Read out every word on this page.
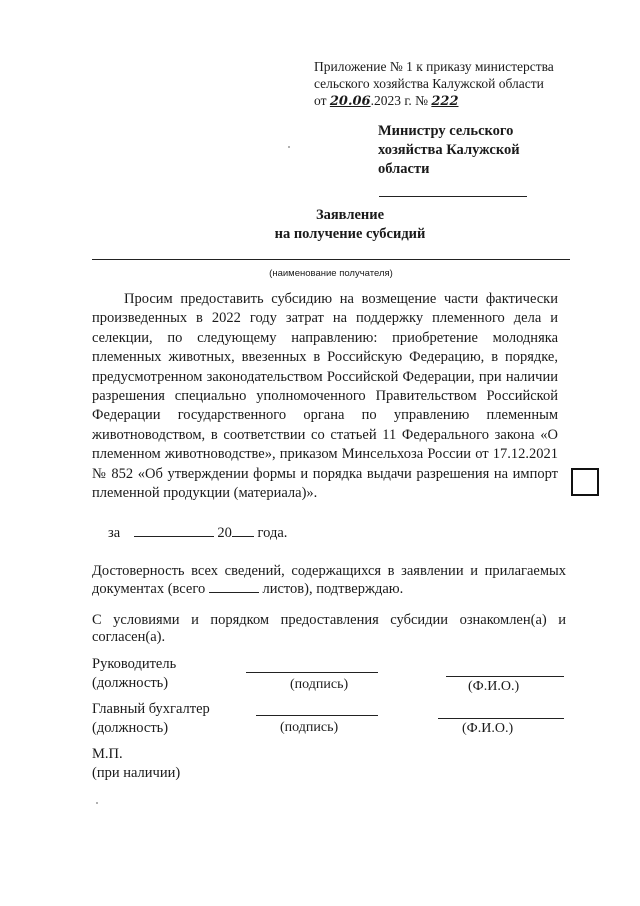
Приложение № 1 к приказу министерства
сельского хозяйства Калужской области
от 20.06.2023 г. № 222
Министру сельского
хозяйства Калужской
области
Заявление
на получение субсидий
(наименование получателя)
Просим предоставить субсидию на возмещение части фактически произведенных в 2022 году затрат на поддержку племенного дела и селекции, по следующему направлению: приобретение молодняка племенных животных, ввезенных в Российскую Федерацию, в порядке, предусмотренном законодательством Российской Федерации, при наличии разрешения специально уполномоченного Правительством Российской Федерации государственного органа по управлению племенным животноводством, в соответствии со статьей 11 Федерального закона «О племенном животноводстве», приказом Минсельхоза России от 17.12.2021 № 852 «Об утверждении формы и порядка выдачи разрешения на импорт племенной продукции (материала)».
за	20 года.
Достоверность всех сведений, содержащихся в заявлении и прилагаемых документах (всего	листов), подтверждаю.
С условиями и порядком предоставления субсидии ознакомлен(а) и согласен(а).
Руководитель
(должность)	(подпись)	(Ф.И.О.)
Главный бухгалтер
(должность)	(подпись)	(Ф.И.О.)
М.П.
(при наличии)
